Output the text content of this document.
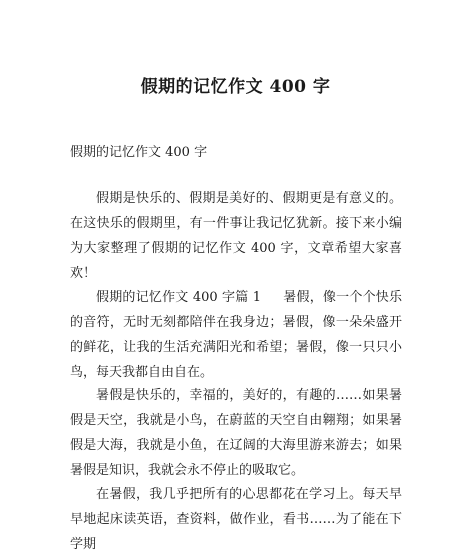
假期的记忆作文 400 字
假期的记忆作文 400 字

假期是快乐的、假期是美好的、假期更是有意义的。在这快乐的假期里，有一件事让我记忆犹新。接下来小编为大家整理了假期的记忆作文 400 字，文章希望大家喜欢！

假期的记忆作文 400 字篇 1 暑假，像一个个快乐的音符，无时无刻都陪伴在我身边；暑假，像一朵朵盛开的鲜花，让我的生活充满阳光和希望；暑假，像一只只小鸟，每天我都自由自在。

暑假是快乐的，幸福的，美好的，有趣的……如果暑假是天空，我就是小鸟，在蔚蓝的天空自由翱翔；如果暑假是大海，我就是小鱼，在辽阔的大海里游来游去；如果暑假是知识，我就会永不停止的吸取它。

在暑假，我几乎把所有的心思都花在学习上。每天早早地起床读英语，查资料，做作业，看书……为了能在下学期
